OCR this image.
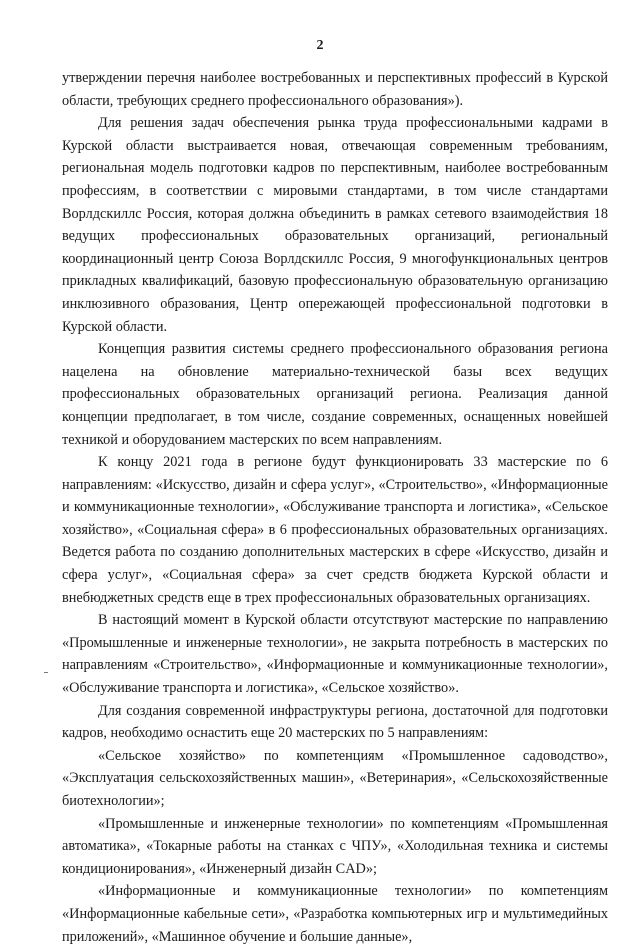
2

утверждении перечня наиболее востребованных и перспективных профессий в Курской области, требующих среднего профессионального образования»).

Для решения задач обеспечения рынка труда профессиональными кадрами в Курской области выстраивается новая, отвечающая современным требованиям, региональная модель подготовки кадров по перспективным, наиболее востребованным профессиям, в соответствии с мировыми стандартами, в том числе стандартами Ворлдскиллс Россия, которая должна объединить в рамках сетевого взаимодействия 18 ведущих профессиональных образовательных организаций, региональный координационный центр Союза Ворлдскиллс Россия, 9 многофункциональных центров прикладных квалификаций, базовую профессиональную образовательную организацию инклюзивного образования, Центр опережающей профессиональной подготовки в Курской области.

Концепция развития системы среднего профессионального образования региона нацелена на обновление материально-технической базы всех ведущих профессиональных образовательных организаций региона. Реализация данной концепции предполагает, в том числе, создание современных, оснащенных новейшей техникой и оборудованием мастерских по всем направлениям.

К концу 2021 года в регионе будут функционировать 33 мастерские по 6 направлениям: «Искусство, дизайн и сфера услуг», «Строительство», «Информационные и коммуникационные технологии», «Обслуживание транспорта и логистика», «Сельское хозяйство», «Социальная сфера» в 6 профессиональных образовательных организациях. Ведется работа по созданию дополнительных мастерских в сфере «Искусство, дизайн и сфера услуг», «Социальная сфера» за счет средств бюджета Курской области и внебюджетных средств еще в трех профессиональных образовательных организациях.

В настоящий момент в Курской области отсутствуют мастерские по направлению «Промышленные и инженерные технологии», не закрыта потребность в мастерских по направлениям «Строительство», «Информационные и коммуникационные технологии», «Обслуживание транспорта и логистика», «Сельское хозяйство».

Для создания современной инфраструктуры региона, достаточной для подготовки кадров, необходимо оснастить еще 20 мастерских по 5 направлениям:

«Сельское хозяйство» по компетенциям «Промышленное садоводство», «Эксплуатация сельскохозяйственных машин», «Ветеринария», «Сельскохозяйственные биотехнологии»;

«Промышленные и инженерные технологии» по компетенциям «Промышленная автоматика», «Токарные работы на станках с ЧПУ», «Холодильная техника и системы кондиционирования», «Инженерный дизайн CAD»;

«Информационные и коммуникационные технологии» по компетенциям «Информационные кабельные сети», «Разработка компьютерных игр и мультимедийных приложений», «Машинное обучение и большие данные»,
